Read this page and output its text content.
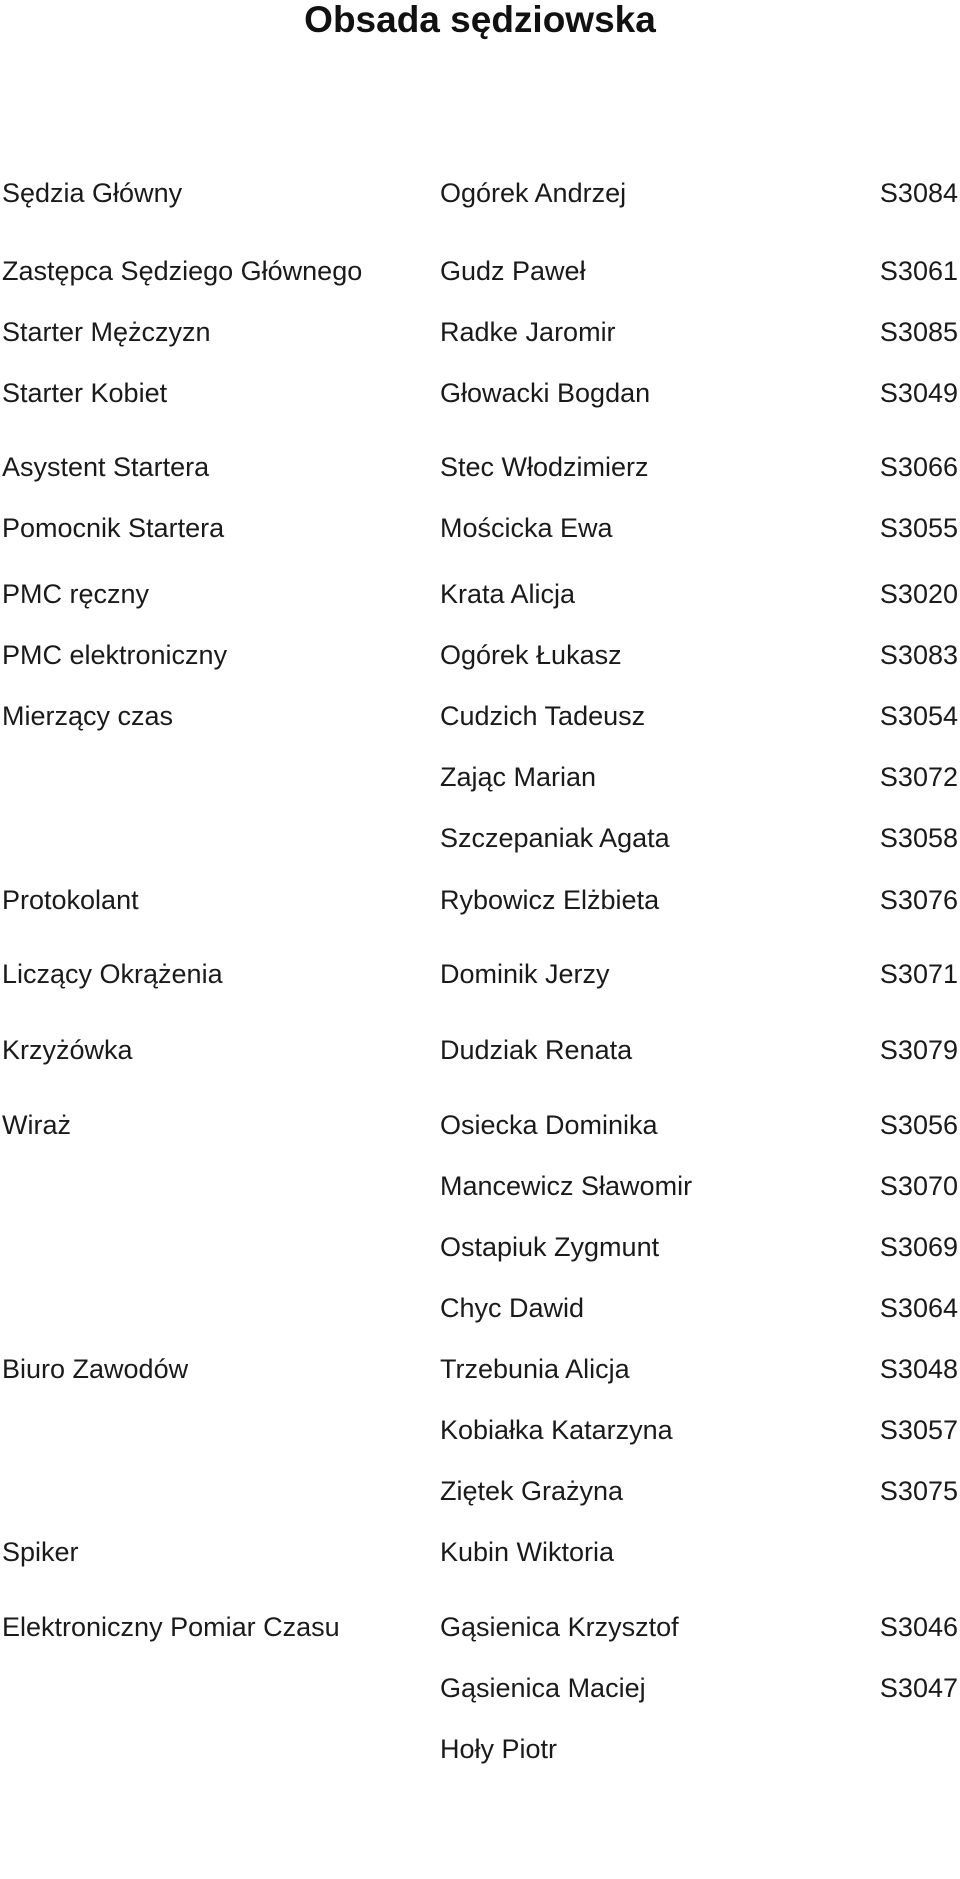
Obsada sędziowska
Sędzia Główny	Ogórek Andrzej	S3084
Zastępca Sędziego Głównego	Gudz Paweł	S3061
Starter Mężczyzn	Radke Jaromir	S3085
Starter Kobiet	Głowacki Bogdan	S3049
Asystent Startera	Stec Włodzimierz	S3066
Pomocnik Startera	Mościcka Ewa	S3055
PMC ręczny	Krata Alicja	S3020
PMC elektroniczny	Ogórek Łukasz	S3083
Mierzący czas	Cudzich Tadeusz	S3054
Zając Marian	S3072
Szczepaniak Agata	S3058
Protokolant	Rybowicz Elżbieta	S3076
Liczący Okrążenia	Dominik Jerzy	S3071
Krzyżówka	Dudziak Renata	S3079
Wiraż	Osiecka Dominika	S3056
Mancewicz Sławomir	S3070
Ostapiuk Zygmunt	S3069
Chyc Dawid	S3064
Biuro Zawodów	Trzebunia Alicja	S3048
Kobiałka Katarzyna	S3057
Ziętek Grażyna	S3075
Spiker	Kubin Wiktoria
Elektroniczny Pomiar Czasu	Gąsienica Krzysztof	S3046
Gąsienica Maciej	S3047
Hoły Piotr
